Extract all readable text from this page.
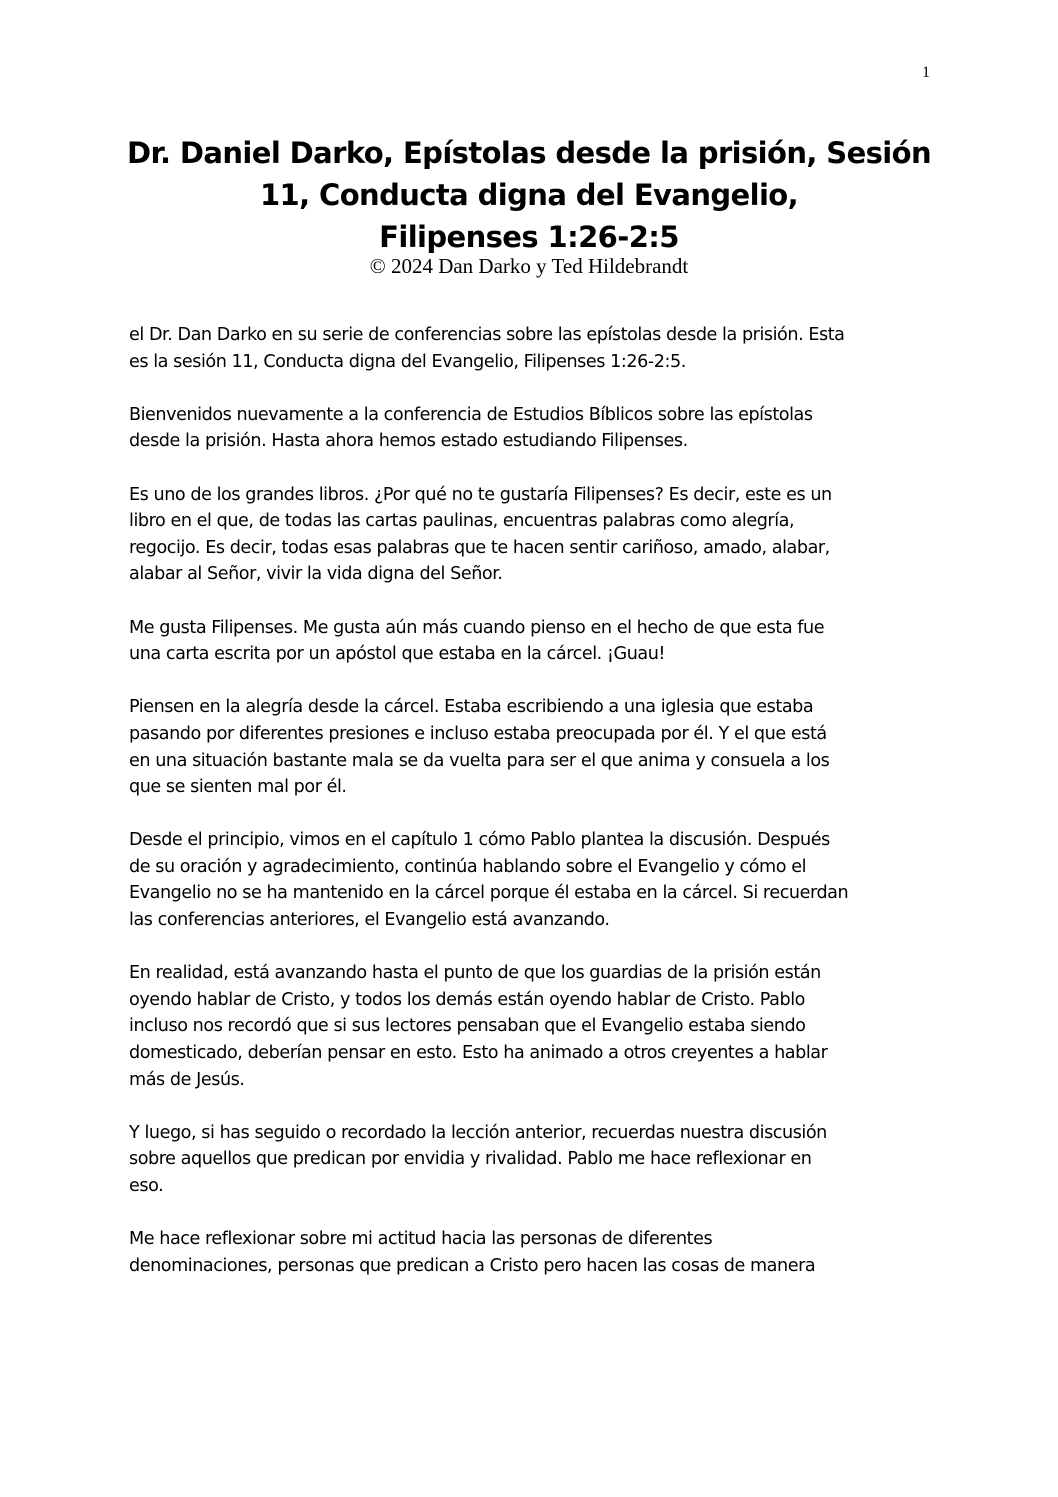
1
Dr. Daniel Darko, Epístolas desde la prisión, Sesión
11, Conducta digna del Evangelio,
Filipenses 1:26-2:5
© 2024 Dan Darko y Ted Hildebrandt

el Dr. Dan Darko en su serie de conferencias sobre las epístolas desde la prisión. Esta
es la sesión 11, Conducta digna del Evangelio, Filipenses 1:26-2:5.

Bienvenidos nuevamente a la conferencia de Estudios Bíblicos sobre las epístolas
desde la prisión. Hasta ahora hemos estado estudiando Filipenses.

Es uno de los grandes libros. ¿Por qué no te gustaría Filipenses? Es decir, este es un
libro en el que, de todas las cartas paulinas, encuentras palabras como alegría,
regocijo. Es decir, todas esas palabras que te hacen sentir cariñoso, amado, alabar,
alabar al Señor, vivir la vida digna del Señor.

Me gusta Filipenses. Me gusta aún más cuando pienso en el hecho de que esta fue
una carta escrita por un apóstol que estaba en la cárcel. ¡Guau!

Piensen en la alegría desde la cárcel. Estaba escribiendo a una iglesia que estaba
pasando por diferentes presiones e incluso estaba preocupada por él. Y el que está
en una situación bastante mala se da vuelta para ser el que anima y consuela a los
que se sienten mal por él.

Desde el principio, vimos en el capítulo 1 cómo Pablo plantea la discusión. Después
de su oración y agradecimiento, continúa hablando sobre el Evangelio y cómo el
Evangelio no se ha mantenido en la cárcel porque él estaba en la cárcel. Si recuerdan
las conferencias anteriores, el Evangelio está avanzando.

En realidad, está avanzando hasta el punto de que los guardias de la prisión están
oyendo hablar de Cristo, y todos los demás están oyendo hablar de Cristo. Pablo
incluso nos recordó que si sus lectores pensaban que el Evangelio estaba siendo
domesticado, deberían pensar en esto. Esto ha animado a otros creyentes a hablar
más de Jesús.

Y luego, si has seguido o recordado la lección anterior, recuerdas nuestra discusión
sobre aquellos que predican por envidia y rivalidad. Pablo me hace reflexionar en
eso.

Me hace reflexionar sobre mi actitud hacia las personas de diferentes
denominaciones, personas que predican a Cristo pero hacen las cosas de manera
